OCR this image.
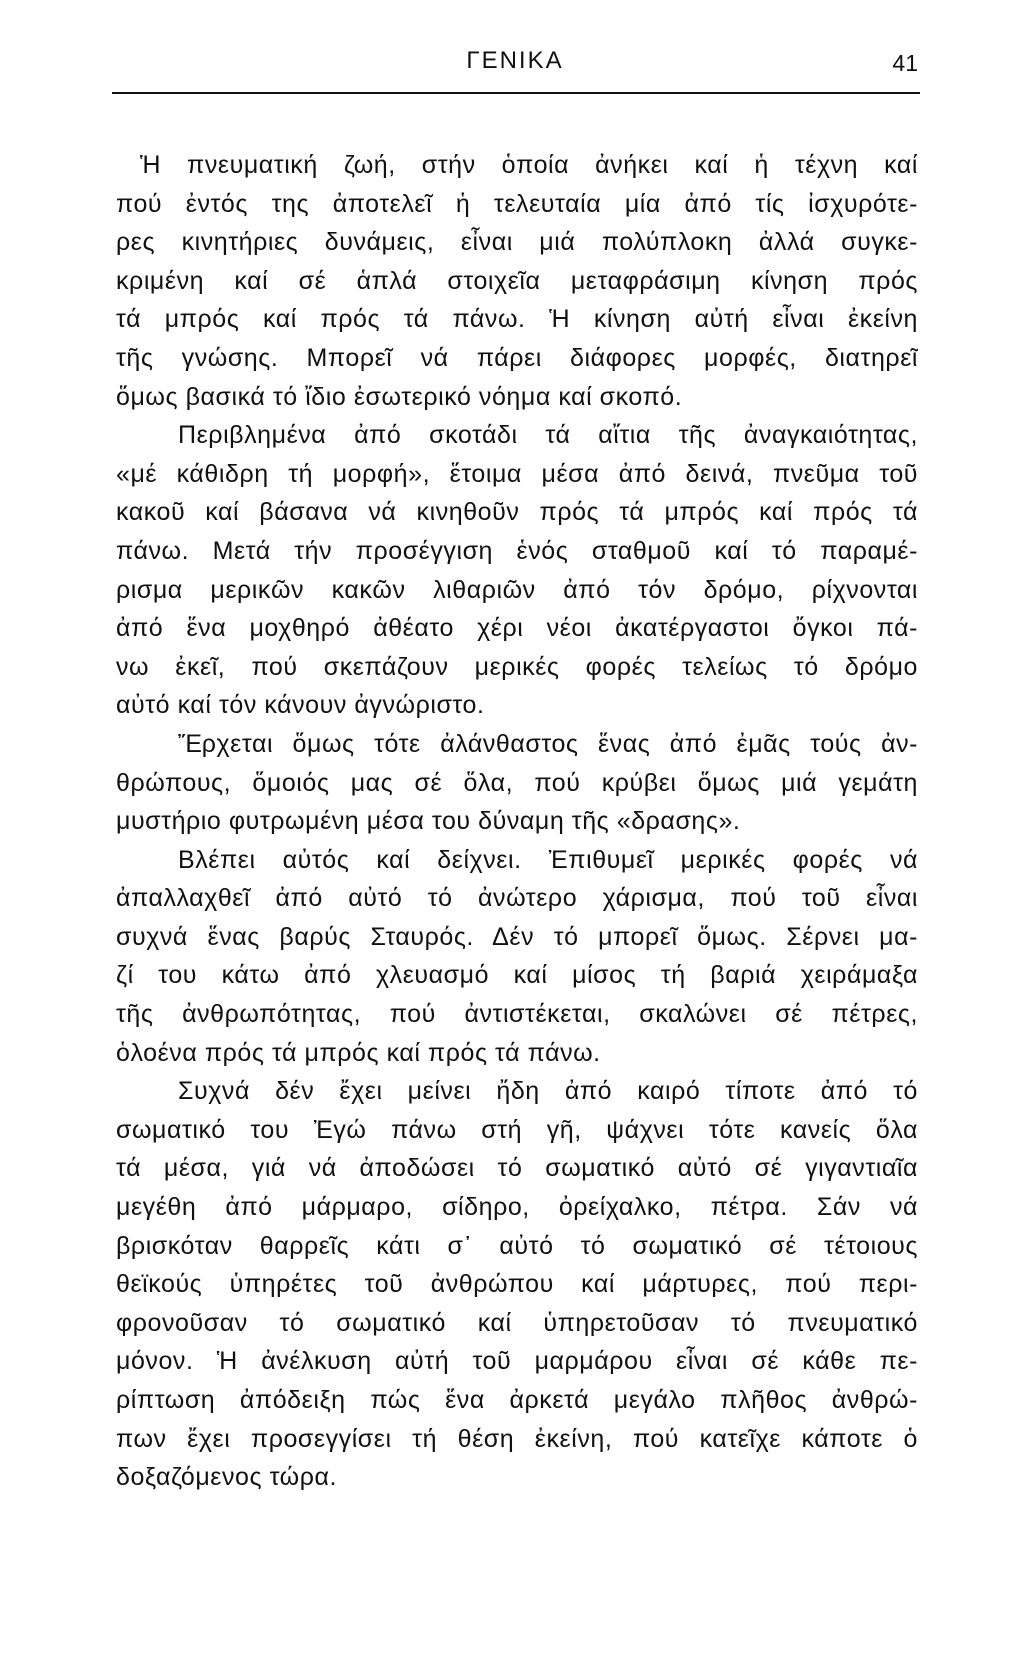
ΓΕΝΙΚΑ	41
Ἡ πνευματική ζωή, στήν ὁποία ἀνήκει καί ἡ τέχνη καί
πού ἐντός της ἀποτελεῖ ἡ τελευταία μία ἀπό τίς ἰσχυρότε-
ρες κινητήριες δυνάμεις, εἶναι μιά πολύπλοκη ἀλλά συγκε-
κριμένη καί σέ ἁπλά στοιχεῖα μεταφράσιμη κίνηση πρός
τά μπρός καί πρός τά πάνω. Ἡ κίνηση αὐτή εἶναι ἐκείνη
τῆς γνώσης. Μπορεῖ νά πάρει διάφορες μορφές, διατηρεῖ
ὅμως βασικά τό ἴδιο ἐσωτερικό νόημα καί σκοπό.
Περιβλημένα ἀπό σκοτάδι τά αἴτια τῆς ἀναγκαιότητας,
«μέ κάθιδρη τή μορφή», ἕτοιμα μέσα ἀπό δεινά, πνεῦμα τοῦ
κακοῦ καί βάσανα νά κινηθοῦν πρός τά μπρός καί πρός τά
πάνω. Μετά τήν προσέγγιση ἑνός σταθμοῦ καί τό παραμέ-
ρισμα μερικῶν κακῶν λιθαριῶν ἀπό τόν δρόμο, ρίχνονται
ἀπό ἕνα μοχθηρό ἀθέατο χέρι νέοι ἀκατέργαστοι ὄγκοι πά-
νω ἐκεῖ, πού σκεπάζουν μερικές φορές τελείως τό δρόμο
αὐτό καί τόν κάνουν ἀγνώριστο.
Ἔρχεται ὅμως τότε ἀλάνθαστος ἕνας ἀπό ἐμᾶς τούς ἀν-
θρώπους, ὅμοιός μας σέ ὅλα, πού κρύβει ὅμως μιά γεμάτη
μυστήριο φυτρωμένη μέσα του δύναμη τῆς «δρασης».
Βλέπει αὐτός καί δείχνει. Ἐπιθυμεῖ μερικές φορές νά
ἀπαλλαχθεῖ ἀπό αὐτό τό ἀνώτερο χάρισμα, πού τοῦ εἶναι
συχνά ἕνας βαρύς Σταυρός. Δέν τό μπορεῖ ὅμως. Σέρνει μα-
ζί του κάτω ἀπό χλευασμό καί μίσος τή βαριά χειράμαξα
τῆς ἀνθρωπότητας, πού ἀντιστέκεται, σκαλώνει σέ πέτρες,
ὁλοένα πρός τά μπρός καί πρός τά πάνω.
Συχνά δέν ἔχει μείνει ἤδη ἀπό καιρό τίποτε ἀπό τό
σωματικό του Ἐγώ πάνω στή γῆ, ψάχνει τότε κανείς ὅλα
τά μέσα, γιά νά ἀποδώσει τό σωματικό αὐτό σέ γιγαντιαῖα
μεγέθη ἀπό μάρμαρο, σίδηρο, ὀρείχαλκο, πέτρα. Σάν νά
βρισκόταν θαρρεῖς κάτι σ᾽ αὐτό τό σωματικό σέ τέτοιους
θεϊκούς ὑπηρέτες τοῦ ἀνθρώπου καί μάρτυρες, πού περι-
φρονοῦσαν τό σωματικό καί ὑπηρετοῦσαν τό πνευματικό
μόνον. Ἡ ἀνέλκυση αὐτή τοῦ μαρμάρου εἶναι σέ κάθε πε-
ρίπτωση ἀπόδειξη πώς ἕνα ἀρκετά μεγάλο πλῆθος ἀνθρώ-
πων ἔχει προσεγγίσει τή θέση ἐκείνη, πού κατεῖχε κάποτε ὁ
δοξαζόμενος τώρα.
